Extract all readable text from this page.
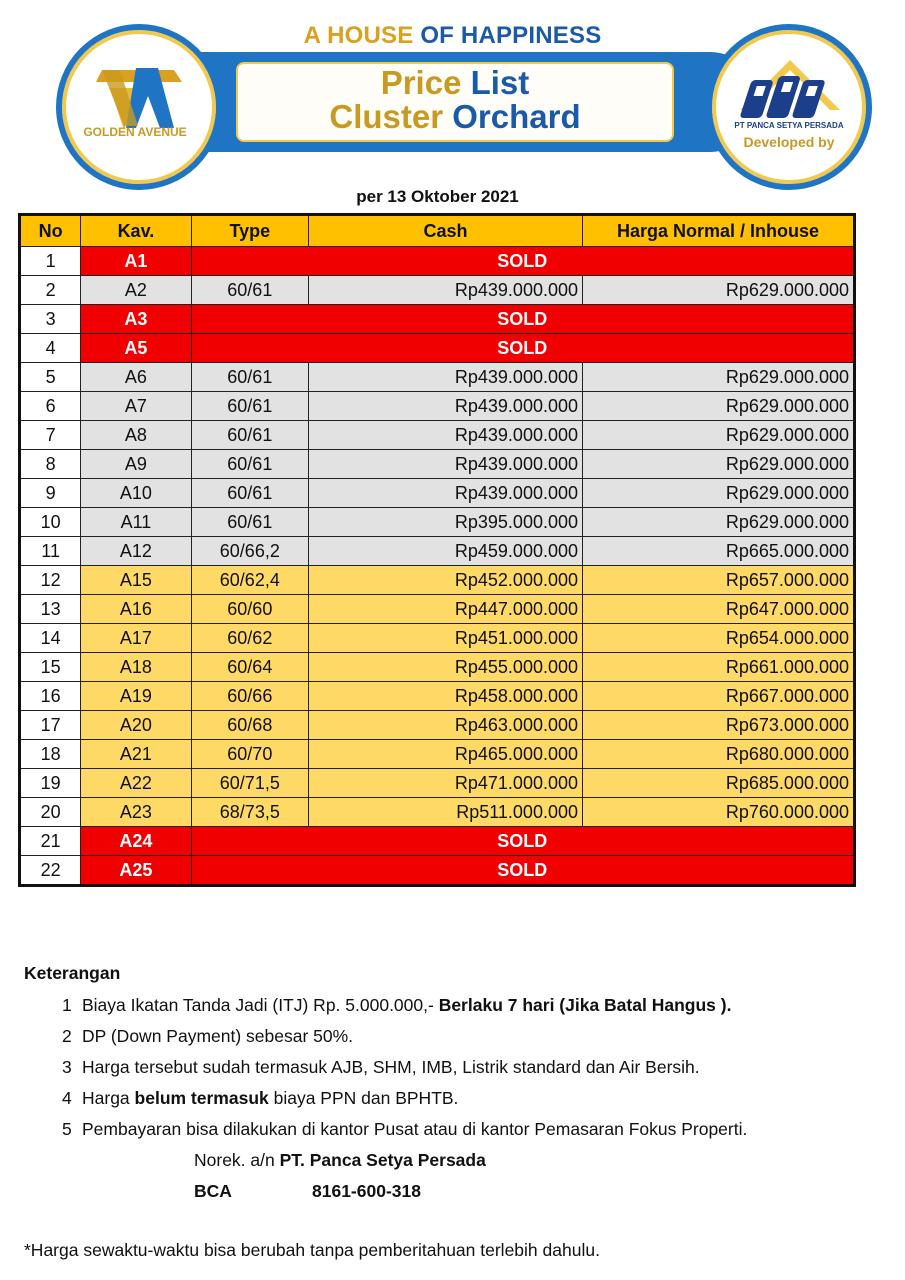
A HOUSE OF HAPPINESS
Price List
Cluster Orchard
GOLDEN AVENUE	PT PANCA SETYA PERSADA
Developed by
per 13 Oktober 2021
No	Kav.	Type	Cash	Harga Normal / Inhouse
1	A1	SOLD		
2	A2	60/61	Rp439.000.000	Rp629.000.000
3	A3	SOLD		
4	A5	SOLD		
5	A6	60/61	Rp439.000.000	Rp629.000.000
6	A7	60/61	Rp439.000.000	Rp629.000.000
7	A8	60/61	Rp439.000.000	Rp629.000.000
8	A9	60/61	Rp439.000.000	Rp629.000.000
9	A10	60/61	Rp439.000.000	Rp629.000.000
10	A11	60/61	Rp395.000.000	Rp629.000.000
11	A12	60/66,2	Rp459.000.000	Rp665.000.000
12	A15	60/62,4	Rp452.000.000	Rp657.000.000
13	A16	60/60	Rp447.000.000	Rp647.000.000
14	A17	60/62	Rp451.000.000	Rp654.000.000
15	A18	60/64	Rp455.000.000	Rp661.000.000
16	A19	60/66	Rp458.000.000	Rp667.000.000
17	A20	60/68	Rp463.000.000	Rp673.000.000
18	A21	60/70	Rp465.000.000	Rp680.000.000
19	A22	60/71,5	Rp471.000.000	Rp685.000.000
20	A23	68/73,5	Rp511.000.000	Rp760.000.000
21	A24	SOLD		
22	A25	SOLD		
Keterangan
1 Biaya Ikatan Tanda Jadi (ITJ) Rp. 5.000.000,- Berlaku 7 hari (Jika Batal Hangus ).
2 DP (Down Payment) sebesar 50%.
3 Harga tersebut sudah termasuk AJB, SHM, IMB, Listrik standard dan Air Bersih.
4 Harga belum termasuk biaya PPN dan BPHTB.
5 Pembayaran bisa dilakukan di kantor Pusat atau di kantor Pemasaran Fokus Properti.
Norek. a/n PT. Panca Setya Persada
BCA	8161-600-318
*Harga sewaktu-waktu bisa berubah tanpa pemberitahuan terlebih dahulu.
